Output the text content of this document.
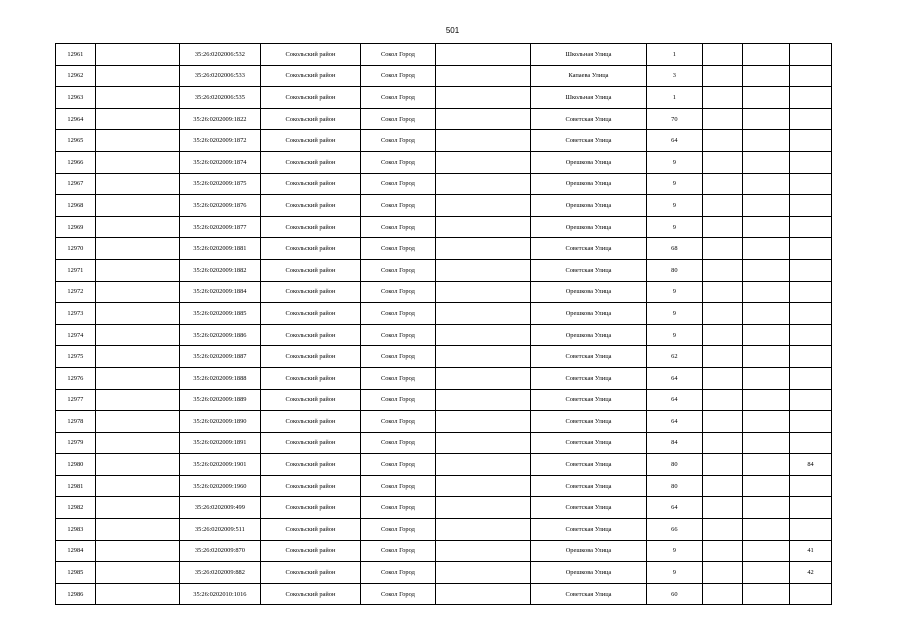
501
12961		35:26:0202006:532	Сокольский район	Сокол Город		Школьная Улица	1			
12962		35:26:0202006:533	Сокольский район	Сокол Город		Капаева Улица	3			
12963		35:26:0202006:535	Сокольский район	Сокол Город		Школьная Улица	1			
12964		35:26:0202009:1822	Сокольский район	Сокол Город		Советская Улица	70			
12965		35:26:0202009:1872	Сокольский район	Сокол Город		Советская Улица	64			
12966		35:26:0202009:1874	Сокольский район	Сокол Город		Орешкова Улица	9			
12967		35:26:0202009:1875	Сокольский район	Сокол Город		Орешкова Улица	9			
12968		35:26:0202009:1876	Сокольский район	Сокол Город		Орешкова Улица	9			
12969		35:26:0202009:1877	Сокольский район	Сокол Город		Орешкова Улица	9			
12970		35:26:0202009:1881	Сокольский район	Сокол Город		Советская Улица	68			
12971		35:26:0202009:1882	Сокольский район	Сокол Город		Советская Улица	80			
12972		35:26:0202009:1884	Сокольский район	Сокол Город		Орешкова Улица	9			
12973		35:26:0202009:1885	Сокольский район	Сокол Город		Орешкова Улица	9			
12974		35:26:0202009:1886	Сокольский район	Сокол Город		Орешкова Улица	9			
12975		35:26:0202009:1887	Сокольский район	Сокол Город		Советская Улица	62			
12976		35:26:0202009:1888	Сокольский район	Сокол Город		Советская Улица	64			
12977		35:26:0202009:1889	Сокольский район	Сокол Город		Советская Улица	64			
12978		35:26:0202009:1890	Сокольский район	Сокол Город		Советская Улица	64			
12979		35:26:0202009:1891	Сокольский район	Сокол Город		Советская Улица	84			
12980		35:26:0202009:1901	Сокольский район	Сокол Город		Советская Улица	80			84
12981		35:26:0202009:1960	Сокольский район	Сокол Город		Советская Улица	80			
12982		35:26:0202009:499	Сокольский район	Сокол Город		Советская Улица	64			
12983		35:26:0202009:511	Сокольский район	Сокол Город		Советская Улица	66			
12984		35:26:0202009:870	Сокольский район	Сокол Город		Орешкова Улица	9			41
12985		35:26:0202009:882	Сокольский район	Сокол Город		Орешкова Улица	9			42
12986		35:26:0202010:1016	Сокольский район	Сокол Город		Советская Улица	60			
